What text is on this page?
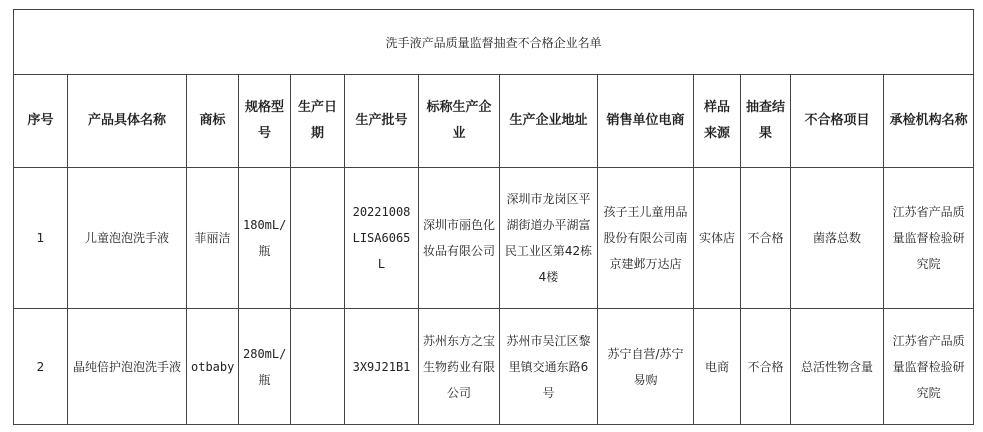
洗手液产品质量监督抽查不合格企业名单												
序号	产品具体名称	商标	规格型号	生产日期	生产批号	标称生产企业	生产企业地址	销售单位电商	样品来源	抽查结果	不合格项目	承检机构名称
1	儿童泡泡洗手液	菲丽洁	180mL/瓶		20221008LISA6065L	深圳市丽色化妆品有限公司	深圳市龙岗区平湖街道办平湖富民工业区第42栋4楼	孩子王儿童用品股份有限公司南京建邺万达店	实体店	不合格	菌落总数	江苏省产品质量监督检验研究院
2	晶纯倍护泡泡洗手液	otbaby	280mL/瓶		3X9J21B1	苏州东方之宝生物药业有限公司	苏州市吴江区黎里镇交通东路6号	苏宁自营/苏宁易购	电商	不合格	总活性物含量	江苏省产品质量监督检验研究院
